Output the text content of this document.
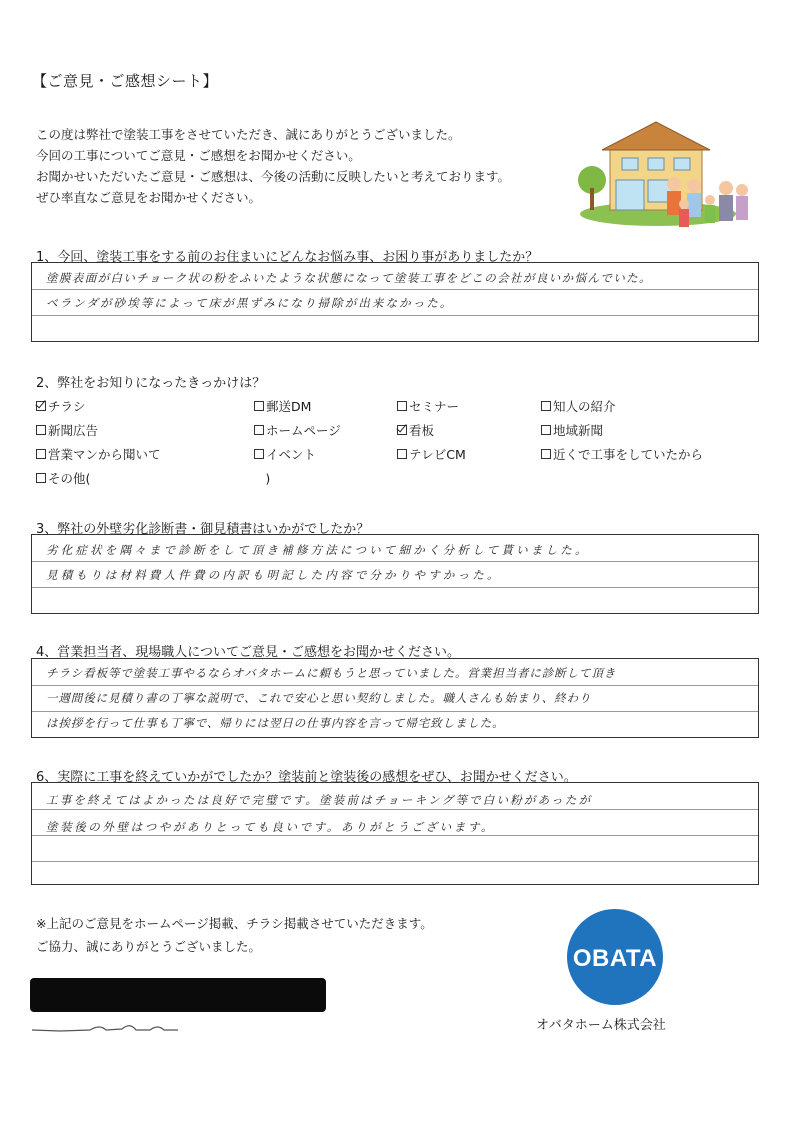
【ご意見・ご感想シート】
この度は弊社で塗装工事をさせていただき、誠にありがとうございました。
今回の工事についてご意見・ご感想をお聞かせください。
お聞かせいただいたご意見・ご感想は、今後の活動に反映したいと考えております。
ぜひ率直なご意見をお聞かせください。
1、今回、塗装工事をする前のお住まいにどんなお悩み事、お困り事がありましたか？
塗膜表面が白いチョーク状の粉をふいたような状態になって塗装工事をどこの会社が良いか悩んでいた。
ベランダが砂埃等によって床が黒ずみになり掃除が出来なかった。
2、弊社をお知りになったきっかけは？
チラシ	郵送DM	セミナー	知人の紹介
新聞広告	ホームページ	看板	地域新聞
営業マンから聞いて	イベント	テレビCM	近くで工事をしていたから
その他(　　　　　　　　　　　　　　)
3、弊社の外壁劣化診断書・御見積書はいかがでしたか？
劣化症状を隅々まで診断をして頂き補修方法について細かく分析して貰いました。
見積もりは材料費人件費の内訳も明記した内容で分かりやすかった。
4、営業担当者、現場職人についてご意見・ご感想をお聞かせください。
チラシ看板等で塗装工事やるならオバタホームに頼もうと思っていました。営業担当者に診断して頂き
一週間後に見積り書の丁寧な説明で、これで安心と思い契約しました。職人さんも始まり、終わり
は挨拶を行って仕事も丁寧で、帰りには翌日の仕事内容を言って帰宅致しました。
6、実際に工事を終えていかがでしたか？塗装前と塗装後の感想をぜひ、お聞かせください。
工事を終えてはよかったは良好で完璧です。塗装前はチョーキング等で白い粉があったが
塗装後の外壁はつやがありとっても良いです。ありがとうございます。
※上記のご意見をホームページ掲載、チラシ掲載させていただきます。
ご協力、誠にありがとうございました。	OBATA
オバタホーム株式会社
